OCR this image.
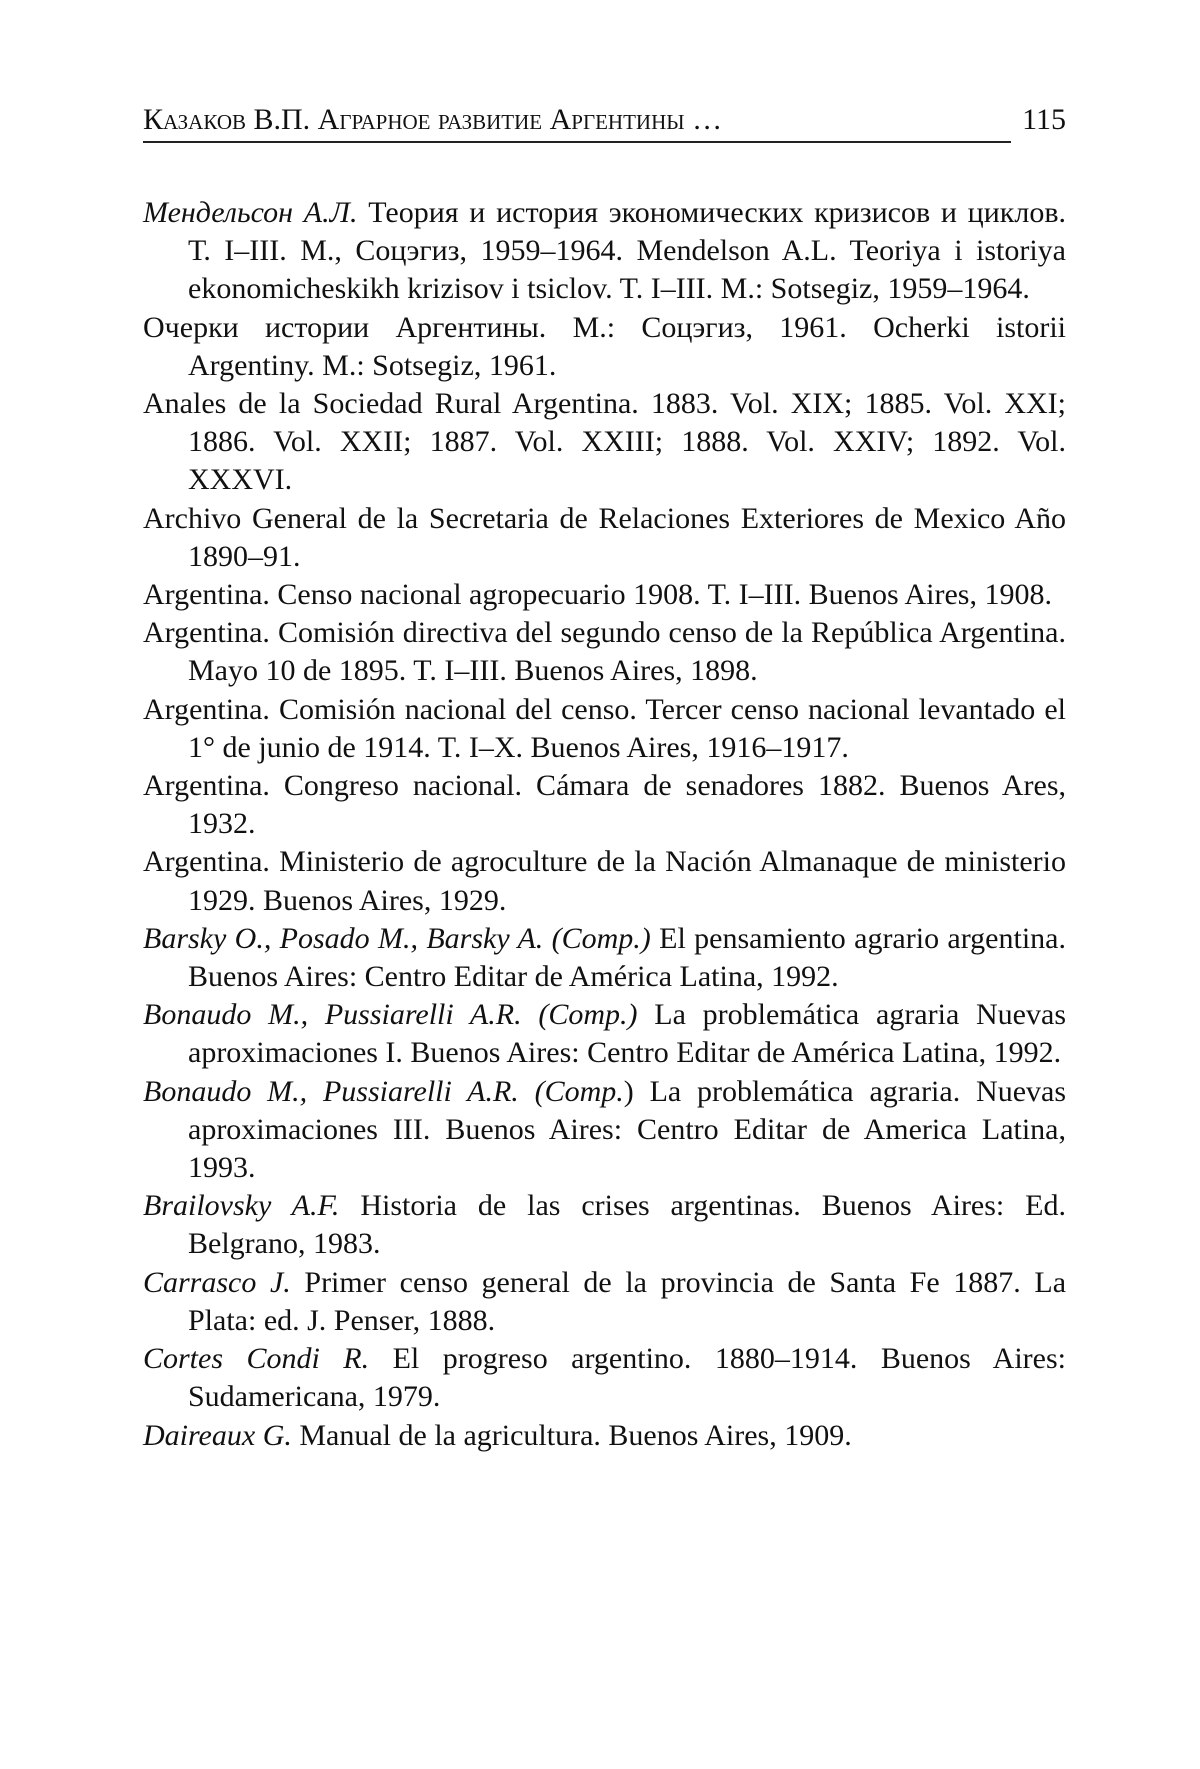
Казаков В.П. Аграрное развитие Аргентины …	115
Мендельсон А.Л. Теория и история экономических кризисов и циклов. Т. I–III. М., Соцэгиз, 1959–1964. Mendelson A.L. Teoriya i istoriya ekonomicheskikh krizisov i tsiclov. T. I–III. M.: Sotsegiz, 1959–1964.
Очерки истории Аргентины. М.: Соцэгиз, 1961. Ocherki istorii Argentiny. M.: Sotsegiz, 1961.
Anales de la Sociedad Rural Argentina. 1883. Vol. XIX; 1885. Vol. XXI; 1886. Vol. XXII; 1887. Vol. XXIII; 1888. Vol. XXIV; 1892. Vol. XXXVI.
Archivo General de la Secretaria de Relaciones Exteriores de Mexico Año 1890–91.
Argentina. Censo nacional agropecuario 1908. T. I–III. Buenos Aires, 1908.
Argentina. Comisión directiva del segundo censo de la República Argentina. Mayo 10 de 1895. T. I–III. Buenos Aires, 1898.
Argentina. Comisión nacional del censo. Tercer censo nacional levantado el 1° de junio de 1914. T. I–X. Buenos Aires, 1916–1917.
Argentina. Congreso nacional. Cámara de senadores 1882. Buenos Ares, 1932.
Argentina. Ministerio de agroculture de la Nación Almanaque de ministerio 1929. Buenos Aires, 1929.
Barsky O., Posado M., Barsky A. (Comp.) El pensamiento agrario argentina. Buenos Aires: Centro Editar de América Latina, 1992.
Bonaudo M., Pussiarelli A.R. (Comp.) La problemática agraria Nuevas aproximaciones I. Buenos Aires: Centro Editar de América Latina, 1992.
Bonaudo M., Pussiarelli A.R. (Comp.) La problemática agraria. Nuevas aproximaciones III. Buenos Aires: Centro Editar de America Latina, 1993.
Brailovsky A.F. Historia de las crises argentinas. Buenos Aires: Ed. Belgrano, 1983.
Carrasco J. Primer censo general de la provincia de Santa Fe 1887. La Plata: ed. J. Penser, 1888.
Cortes Condi R. El progreso argentino. 1880–1914. Buenos Aires: Sudamericana, 1979.
Daireaux G. Manual de la agricultura. Buenos Aires, 1909.
